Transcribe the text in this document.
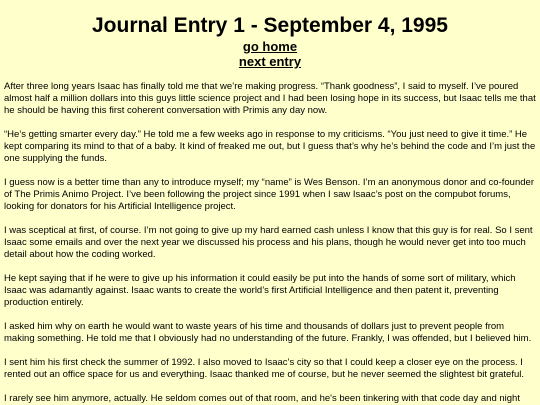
Journal Entry 1 - September 4, 1995
go home
next entry

After three long years Isaac has finally told me that we’re making progress. “Thank goodness”, I said to myself. I’ve poured almost half a million dollars into this guys little science project and I had been losing hope in its success, but Isaac tells me that he should be having this first coherent conversation with Primis any day now.

“He’s getting smarter every day.” He told me a few weeks ago in response to my criticisms. “You just need to give it time.” He kept comparing its mind to that of a baby. It kind of freaked me out, but I guess that’s why he’s behind the code and I’m just the one supplying the funds.

I guess now is a better time than any to introduce myself; my “name” is Wes Benson. I’m an anonymous donor and co-founder of The Primis Animo Project. I’ve been following the project since 1991 when I saw Isaac’s post on the compubot forums, looking for donators for his Artificial Intelligence project.

I was sceptical at first, of course. I’m not going to give up my hard earned cash unless I know that this guy is for real. So I sent Isaac some emails and over the next year we discussed his process and his plans, though he would never get into too much detail about how the coding worked.

He kept saying that if he were to give up his information it could easily be put into the hands of some sort of military, which Isaac was adamantly against. Isaac wants to create the world’s first Artificial Intelligence and then patent it, preventing production entirely.

I asked him why on earth he would want to waste years of his time and thousands of dollars just to prevent people from making something. He told me that I obviously had no understanding of the future. Frankly, I was offended, but I believed him.

I sent him his first check the summer of 1992. I also moved to Isaac’s city so that I could keep a closer eye on the process. I rented out an office space for us and everything. Isaac thanked me of course, but he never seemed the slightest bit grateful.

I rarely see him anymore, actually. He seldom comes out of that room, and he's been tinkering with that code day and night
